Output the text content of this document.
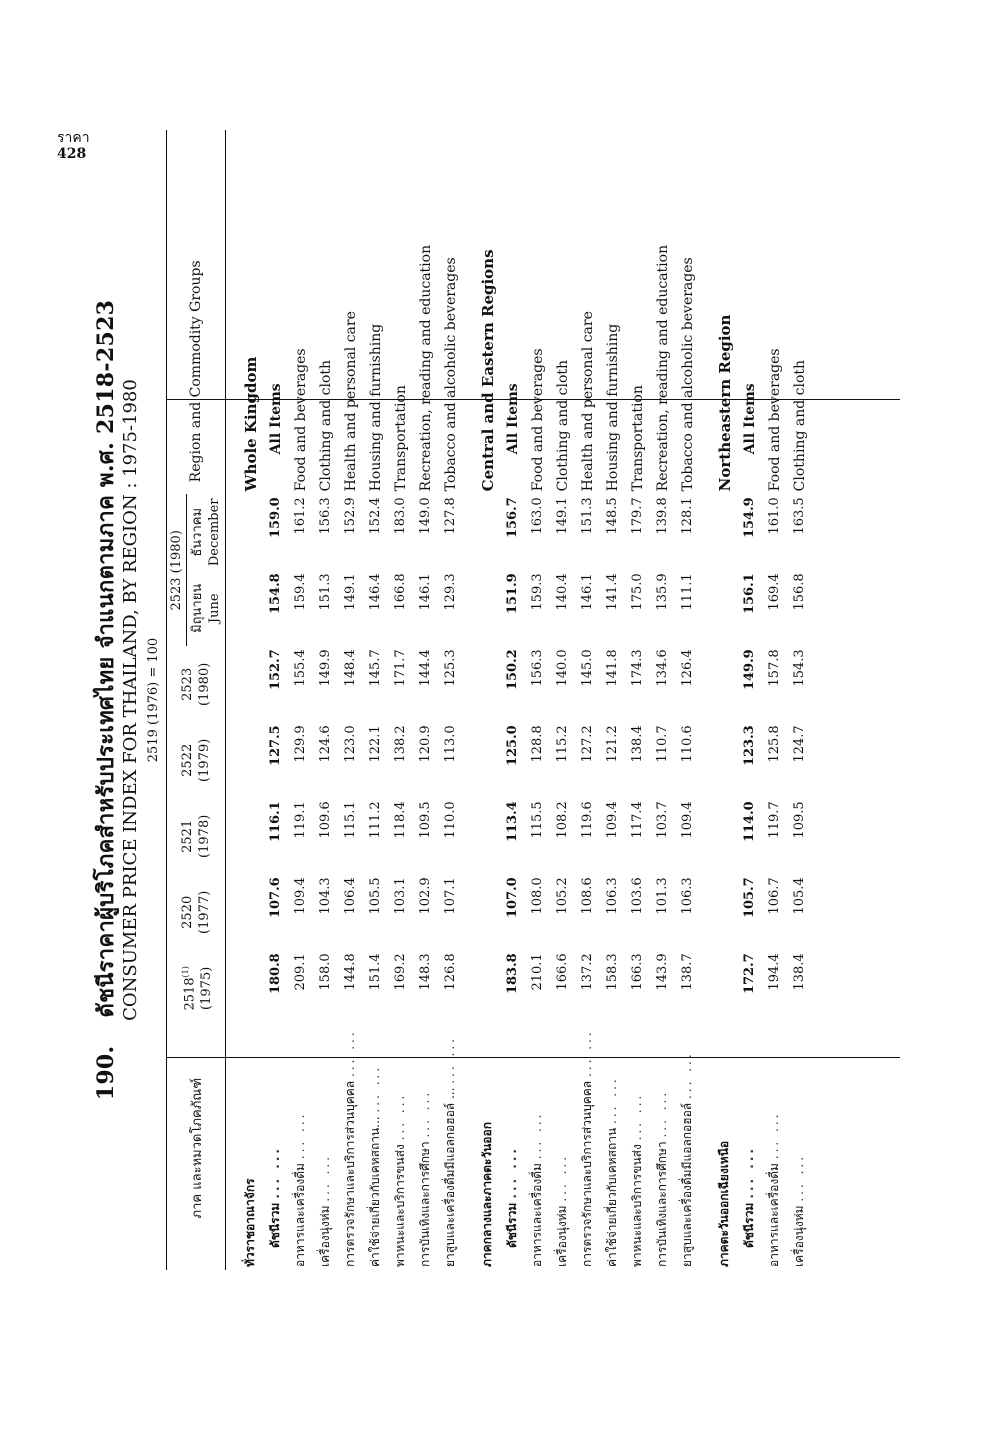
ราคา
428
190.ดัชนีราคาผู้บริโภคสำหรับประเทศไทย จำแนกตามภาค พ.ศ. 2518-2523 CONSUMER PRICE INDEX FOR THAILAND, BY REGION : 1975-1980 2519 (1976) = 100
ภาค และหมวดโภคภัณฑ์	2518$^{(1)}$ (1975)	2520 (1977)	2521 (1978)	2522 (1979)	2523 (1980)	2523 (1980)		Region and Commodity Groups

						มิถุนายน June	ธันวาคม December	

ทั่วราชอาณาจักร								Whole Kingdom
ดัชนีรวม ... ...	180.8	107.6	116.1	127.5	152.7	154.8	159.0	All Items
อาหารและเครื่องดื่ม ... ...	209.1	109.4	119.1	129.9	155.4	159.4	161.2	Food and beverages
เครื่องนุ่งห่ม ... ...	158.0	104.3	109.6	124.6	149.9	151.3	156.3	Clothing and cloth
การตรวจรักษาและบริการส่วนบุคคล ... ...	144.8	106.4	115.1	123.0	148.4	149.1	152.9	Health and personal care
ค่าใช้จ่ายเกี่ยวกับเคหสถาน... ... ...	151.4	105.5	111.2	122.1	145.7	146.4	152.4	Housing and furnishing
พาหนะและบริการขนส่ง ... ...	169.2	103.1	118.4	138.2	171.7	166.8	183.0	Transportation
การบันเทิงและการศึกษา ... ...	148.3	102.9	109.5	120.9	144.4	146.1	149.0	Recreation, reading and education
ยาสูบและเครื่องดื่มมีแอลกอฮอล์ ... ... ...	126.8	107.1	110.0	113.0	125.3	129.3	127.8	Tobacco and alcoholic beverages

ภาคกลางและภาคตะวันออก								Central and Eastern Regions
ดัชนีรวม ... ...	183.8	107.0	113.4	125.0	150.2	151.9	156.7	All Items
อาหารและเครื่องดื่ม ... ...	210.1	108.0	115.5	128.8	156.3	159.3	163.0	Food and beverages
เครื่องนุ่งห่ม ... ...	166.6	105.2	108.2	115.2	140.0	140.4	149.1	Clothing and cloth
การตรวจรักษาและบริการส่วนบุคคล ... ...	137.2	108.6	119.6	127.2	145.0	146.1	151.3	Health and personal care
ค่าใช้จ่ายเกี่ยวกับเคหสถาน ... ...	158.3	106.3	109.4	121.2	141.8	141.4	148.5	Housing and furnishing
พาหนะและบริการขนส่ง ... ...	166.3	103.6	117.4	138.4	174.3	175.0	179.7	Transportation
การบันเทิงและการศึกษา ... ...	143.9	101.3	103.7	110.7	134.6	135.9	139.8	Recreation, reading and education
ยาสูบและเครื่องดื่มมีแอลกอฮอล์ ... ...	138.7	106.3	109.4	110.6	126.4	111.1	128.1	Tobacco and alcoholic beverages

ภาคตะวันออกเฉียงเหนือ								Northeastern Region
ดัชนีรวม ... ...	172.7	105.7	114.0	123.3	149.9	156.1	154.9	All Items
อาหารและเครื่องดื่ม ... ...	194.4	106.7	119.7	125.8	157.8	169.4	161.0	Food and beverages
เครื่องนุ่งห่ม ... ...	138.4	105.4	109.5	124.7	154.3	156.8	163.5	Clothing and cloth
